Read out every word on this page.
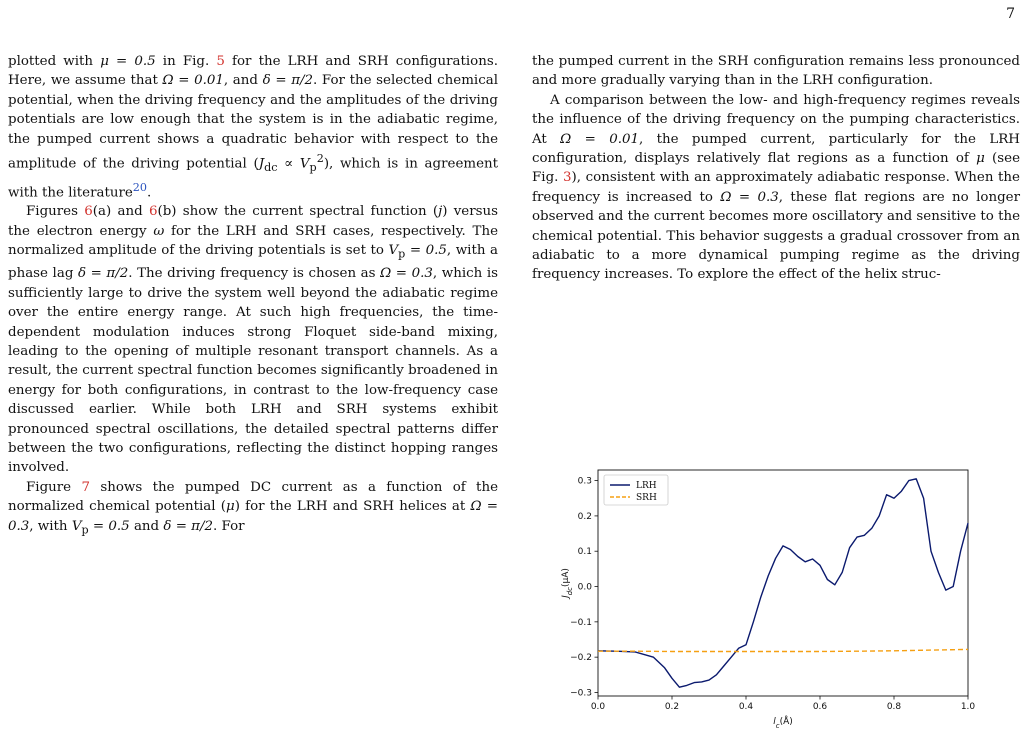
7

plotted with μ = 0.5 in Fig. 5 for the LRH and SRH configurations. Here, we assume that Ω = 0.01, and δ = π/2. For the selected chemical potential, when the driving frequency and the amplitudes of the driving potentials are low enough that the system is in the adiabatic regime, the pumped current shows a quadratic behavior with respect to the amplitude of the driving potential $(J_{dc} \propto V_p^2)$, which is in agreement with the literature$^{20}$.

Figures 6(a) and 6(b) show the current spectral function (j) versus the electron energy ω for the LRH and SRH cases, respectively. The normalized amplitude of the driving potentials is set to $V_p = 0.5$, with a phase lag δ = π/2. The driving frequency is chosen as Ω = 0.3, which is sufficiently large to drive the system well beyond the adiabatic regime over the entire energy range. At such high frequencies, the time-dependent modulation induces strong Floquet side-band mixing, leading to the opening of multiple resonant transport channels. As a result, the current spectral function becomes significantly broadened in energy for both configurations, in contrast to the low-frequency case discussed earlier. While both LRH and SRH systems exhibit pronounced spectral oscillations, the detailed spectral patterns differ between the two configurations, reflecting the distinct hopping ranges involved.

Figure 7 shows the pumped DC current as a function of the normalized chemical potential (μ) for the LRH and SRH helices at Ω = 0.3, with $V_p = 0.5$ and δ = π/2. For

the pumped current in the SRH configuration remains less pronounced and more gradually varying than in the LRH configuration.

A comparison between the low- and high-frequency regimes reveals the influence of the driving frequency on the pumping characteristics. At Ω = 0.01, the pumped current, particularly for the LRH configuration, displays relatively flat regions as a function of μ (see Fig. 3), consistent with an approximately adiabatic response. When the frequency is increased to Ω = 0.3, these flat regions are no longer observed and the current becomes more oscillatory and sensitive to the chemical potential. This behavior suggests a gradual crossover from an adiabatic to a more dynamical pumping regime as the driving frequency increases. To explore the effect of the helix struc-

0.0	0.2	0.4	0.6	0.8	1.0
−0.3
−0.2
−0.1
0.0
0.1
0.2
0.3
$l_c(Å)$
$J_{dc}(\mu A)$
LRH
SRH
